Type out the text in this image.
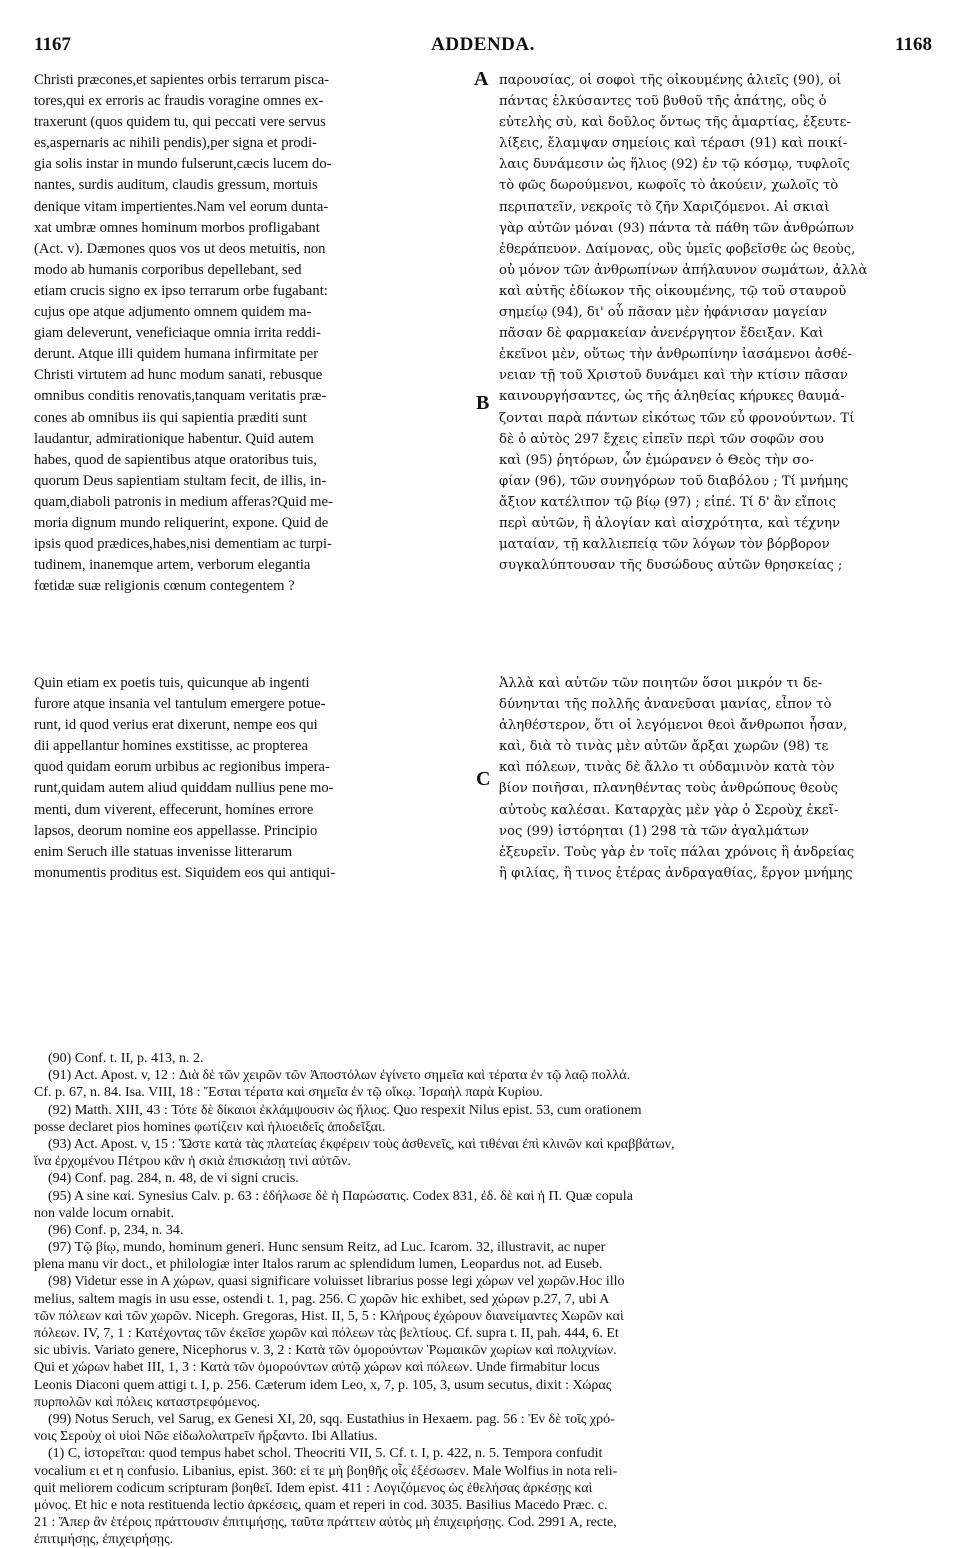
1167	ADDENDA.	1168
A
B
C
Christi præcones,et sapientes orbis terrarum pisca-
tores,qui ex erroris ac fraudis voragine omnes ex-
traxerunt (quos quidem tu, qui peccati vere servus
es,aspernaris ac nihili pendis),per signa et prodi-
gia solis instar in mundo fulserunt,cæcis lucem do-
nantes, surdis auditum, claudis gressum, mortuis
denique vitam impertientes.Nam vel eorum dunta-
xat umbræ omnes hominum morbos profligabant
(Act. v). Dæmones quos vos ut deos metuitis, non
modo ab humanis corporibus depellebant, sed
etiam crucis signo ex ipso terrarum orbe fugabant:
cujus ope atque adjumento omnem quidem ma-
giam deleverunt, veneficiaque omnia irrita reddi-
derunt. Atque illi quidem humana infirmitate per
Christi virtutem ad hunc modum sanati, rebusque
omnibus conditis renovatis,tanquam veritatis præ-
cones ab omnibus iis qui sapientia præditi sunt
laudantur, admirationique habentur. Quid autem
habes, quod de sapientibus atque oratoribus tuis,
quorum Deus sapientiam stultam fecit, de illis, in-
quam,diaboli patronis in medium afferas?Quid me-
moria dignum mundo reliquerint, expone. Quid de
ipsis quod prædices,habes,nisi dementiam ac turpi-
tudinem, inanemque artem, verborum elegantia
fœtidæ suæ religionis cœnum contegentem ?
παρουσίας, οἱ σοφοὶ τῆς οἰκουμένης ἁλιεῖς (90), οἱ
πάντας ἑλκύσαντες τοῦ βυθοῦ τῆς ἀπάτης, οὓς ὁ
εὐτελὴς σὺ, καὶ δοῦλος ὄντως τῆς ἁμαρτίας, ἐξευτε-
λίξεις, ἔλαμψαν σημείοις καὶ τέρασι (91) καὶ ποικί-
λαις δυνάμεσιν ὡς ἥλιος (92) ἐν τῷ κόσμῳ, τυφλοῖς
τὸ φῶς δωρούμενοι, κωφοῖς τὸ ἀκούειν, χωλοῖς τὸ
περιπατεῖν, νεκροῖς τὸ ζῆν Χαριζόμενοι. Αἱ σκιαὶ
γὰρ αὐτῶν μόναι (93) πάντα τὰ πάθη τῶν ἀνθρώπων
ἐθεράπευον. Δαίμονας, οὓς ὑμεῖς φοβεῖσθε ὡς θεοὺς,
οὐ μόνον τῶν ἀνθρωπίνων ἀπήλαυνον σωμάτων, ἀλλὰ
καὶ αὐτῆς ἐδίωκον τῆς οἰκουμένης, τῷ τοῦ σταυροῦ
σημείῳ (94), δι' οὗ πᾶσαν μὲν ἠφάνισαν μαγείαν
πᾶσαν δὲ φαρμακείαν ἀνενέργητον ἔδειξαν. Καὶ
ἐκεῖνοι μὲν, οὕτως τὴν ἀνθρωπίνην ἰασάμενοι ἀσθέ-
νειαν τῇ τοῦ Χριστοῦ δυνάμει καὶ τὴν κτίσιν πᾶσαν
καινουργήσαντες, ὡς τῆς ἀληθείας κήρυκες θαυμά-
ζονται παρὰ πάντων εἰκότως τῶν εὖ φρονούντων. Τί
δὲ ὁ αὐτὸς 297 ἔχεις εἰπεῖν περὶ τῶν σοφῶν σου
καὶ (95) ῥητόρων, ὧν ἐμώρανεν ὁ Θεὸς τὴν σο-
φίαν (96), τῶν συνηγόρων τοῦ διαβόλου ; Τί μνήμης
ἄξιον κατέλιπον τῷ βίῳ (97) ; εἰπέ. Τί δ' ἂν εἴποις
περὶ αὐτῶν, ἢ ἀλογίαν καὶ αἰσχρότητα, καὶ τέχνην
ματαίαν, τῇ καλλιεπείᾳ τῶν λόγων τὸν βόρβορον
συγκαλύπτουσαν τῆς δυσώδους αὐτῶν θρησκείας ;
Quin etiam ex poetis tuis, quicunque ab ingenti
furore atque insania vel tantulum emergere potue-
runt, id quod verius erat dixerunt, nempe eos qui
dii appellantur homines exstitisse, ac propterea
quod quidam eorum urbibus ac regionibus impera-
runt,quidam autem aliud quiddam nullius pene mo-
menti, dum viverent, effecerunt, homines errore
lapsos, deorum nomine eos appellasse. Principio
enim Seruch ille statuas invenisse litterarum
monumentis proditus est. Siquidem eos qui antiqui-
Ἀλλὰ καὶ αὐτῶν τῶν ποιητῶν ὅσοι μικρόν τι δε-
δύνηνται τῆς πολλῆς ἀνανεῦσαι μανίας, εἶπον τὸ
ἀληθέστερον, ὅτι οἱ λεγόμενοι θεοὶ ἄνθρωποι ἦσαν,
καὶ, διὰ τὸ τινὰς μὲν αὐτῶν ἄρξαι χωρῶν (98) τε
καὶ πόλεων, τινὰς δὲ ἄλλο τι οὐδαμινὸν κατὰ τὸν
βίον ποιῆσαι, πλανηθέντας τοὺς ἀνθρώπους θεοὺς
αὐτοὺς καλέσαι. Καταρχὰς μὲν γὰρ ὁ Σεροὺχ ἐκεῖ-
νος (99) ἱστόρηται (1) 298 τὰ τῶν ἀγαλμάτων
ἐξευρεῖν. Τοὺς γὰρ ἐν τοῖς πάλαι χρόνοις ἢ ἀνδρείας
ἢ φιλίας, ἢ τινος ἑτέρας ἀνδραγαθίας, ἔργον μνήμης
(90) Conf. t. II, p. 413, n. 2.
(91) Act. Apost. v, 12 : Διὰ δὲ τῶν χειρῶν τῶν Ἀποστόλων ἐγίνετο σημεῖα καὶ τέρατα ἐν τῷ λαῷ πολλά.
Cf. p. 67, n. 84. Isa. VIII, 18 : Ἔσται τέρατα καὶ σημεῖα ἐν τῷ οἴκῳ. Ἰσραὴλ παρὰ Κυρίου.
(92) Matth. XIII, 43 : Τότε δὲ δίκαιοι ἐκλάμψουσιν ὡς ἥλιος. Quo respexit Nilus epist. 53, cum orationem
posse declaret pios homines φωτίζειν καὶ ἡλιοειδεῖς ἀποδεῖξαι.
(93) Act. Apost. v, 15 : Ὥστε κατὰ τὰς πλατείας ἐκφέρειν τοὺς ἀσθενεῖς, καὶ τιθέναι ἐπὶ κλινῶν καὶ κραββάτων,
ἵνα ἐρχομένου Πέτρου κἂν ἡ σκιὰ ἐπισκιάσῃ τινὶ αὐτῶν.
(94) Conf. pag. 284, n. 48, de vi signi crucis.
(95) A sine καί. Synesius Calv. p. 63 : ἐδήλωσε δὲ ἡ Παρώσατις. Codex 831, ἐδ. δὲ καὶ ἡ Π. Quæ copula
non valde locum ornabit.
(96) Conf. p, 234, n. 34.
(97) Τῷ βίῳ, mundo, hominum generi. Hunc sensum Reitz, ad Luc. Icarom. 32, illustravit, ac nuper
plena manu vir doct., et philologiæ inter Italos rarum ac splendidum lumen, Leopardus not. ad Euseb.
(98) Videtur esse in A χώρων, quasi significare voluisset librarius posse legi χώρων vel χωρῶν.Hoc illo
melius, saltem magis in usu esse, ostendi t. 1, pag. 256. C χωρῶν hic exhibet, sed χώρων p.27, 7, ubi A
τῶν πόλεων καὶ τῶν χωρῶν. Niceph. Gregoras, Hist. II, 5, 5 : Κλήρους ἐχώρουν διανείμαντες Χωρῶν καὶ
πόλεων. IV, 7, 1 : Κατέχοντας τῶν ἐκεῖσε χωρῶν καὶ πόλεων τὰς βελτίους. Cf. supra t. II, pah. 444, 6. Et
sic ubivis. Variato genere, Nicephorus v. 3, 2 : Κατὰ τῶν ὁμορούντων Ῥωμαικῶν χωρίων καὶ πολιχνίων.
Qui et χώρων habet III, 1, 3 : Κατὰ τῶν ὁμορούντων αὐτῷ χώρων καὶ πόλεων. Unde firmabitur locus
Leonis Diaconi quem attigi t. I, p. 256. Cæterum idem Leo, x, 7, p. 105, 3, usum secutus, dixit : Χώρας
πυρπολῶν καὶ πόλεις καταστρεφόμενος.
(99) Notus Seruch, vel Sarug, ex Genesi XI, 20, sqq. Eustathius in Hexaem. pag. 56 : Ἐν δὲ τοῖς χρό-
νοις Σεροὺχ οἱ υἱοὶ Νῶε εἰδωλολατρεῖν ἤρξαντο. Ibi Allatius.
(1) C, ἱστορεῖται: quod tempus habet schol. Theocriti VII, 5. Cf. t. I, p. 422, n. 5. Tempora confudit
vocalium ει et η confusio. Libanius, epist. 360: εἰ τε μὴ βοηθῆς οἷς ἐξέσωσεν. Male Wolfius in nota reli-
quit meliorem codicum scripturam βοηθεῖ. Idem epist. 411 : Λογιζόμενος ὡς ἐθελήσας ἀρκέσῃς καὶ
μόνος. Et hic e nota restituenda lectio ἀρκέσεις, quam et reperi in cod. 3035. Basilius Macedo Præc. c.
21 : Ἅπερ ἂν ἑτέροις πράττουσιν ἐπιτιμήσῃς, ταῦτα πράττειν αὐτὸς μὴ ἐπιχειρήσῃς. Cod. 2991 A, recte,
ἐπιτιμήσῃς, ἐπιχειρήσῃς.
